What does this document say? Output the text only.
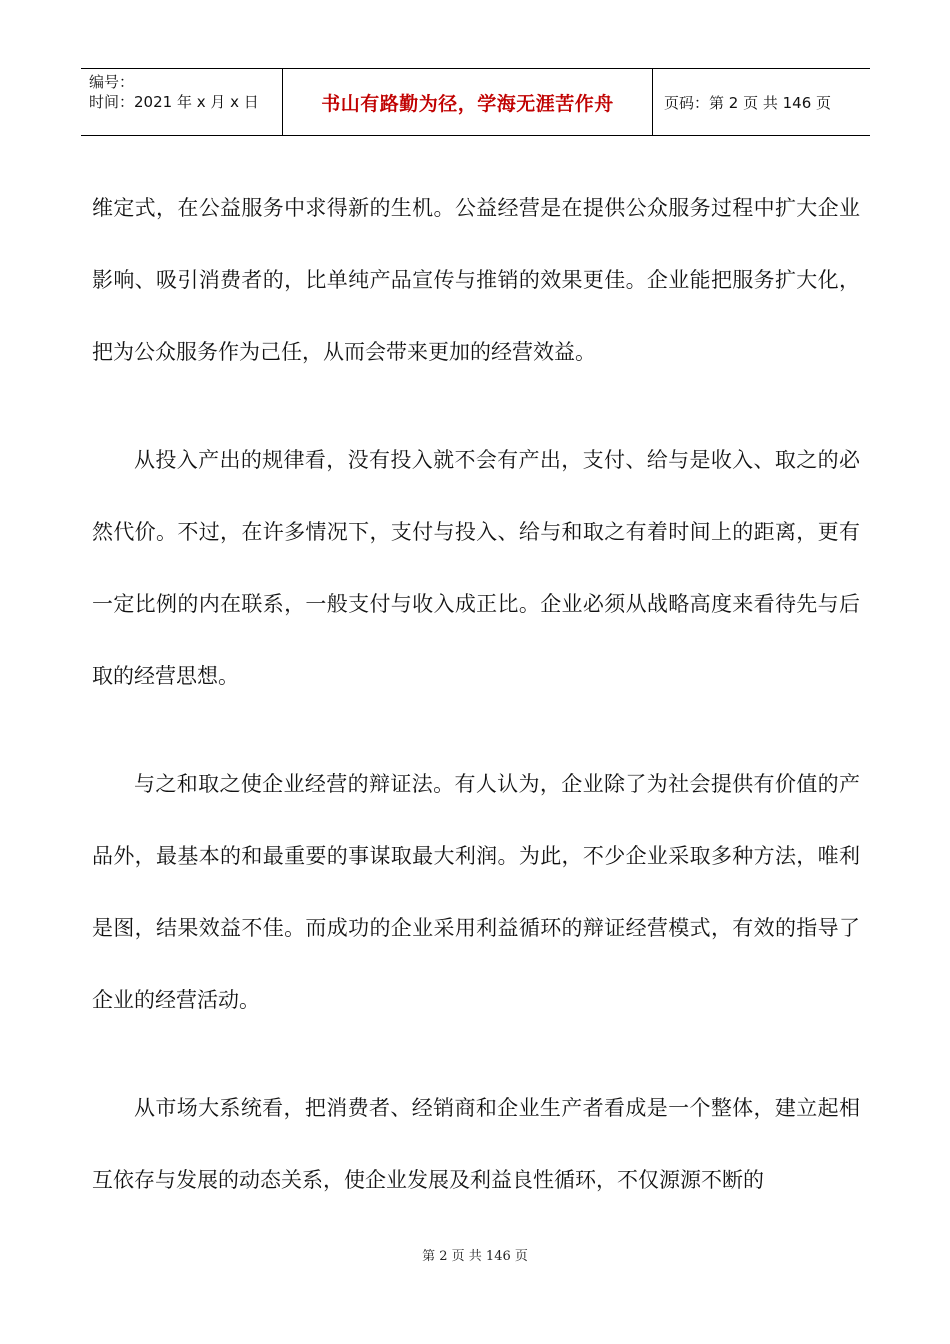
编号：
时间：2021 年 x 月 x 日	书山有路勤为径，学海无涯苦作舟	页码：第 2 页 共 146 页

维定式，在公益服务中求得新的生机。公益经营是在提供公众服务过程中扩大企业影响、吸引消费者的，比单纯产品宣传与推销的效果更佳。企业能把服务扩大化，把为公众服务作为己任，从而会带来更加的经营效益。

从投入产出的规律看，没有投入就不会有产出，支付、给与是收入、取之的必然代价。不过，在许多情况下，支付与投入、给与和取之有着时间上的距离，更有一定比例的内在联系，一般支付与收入成正比。企业必须从战略高度来看待先与后取的经营思想。

与之和取之使企业经营的辩证法。有人认为，企业除了为社会提供有价值的产品外，最基本的和最重要的事谋取最大利润。为此，不少企业采取多种方法，唯利是图，结果效益不佳。而成功的企业采用利益循环的辩证经营模式，有效的指导了企业的经营活动。

从市场大系统看，把消费者、经销商和企业生产者看成是一个整体，建立起相互依存与发展的动态关系，使企业发展及利益良性循环，不仅源源不断的

第 2 页 共 146 页
